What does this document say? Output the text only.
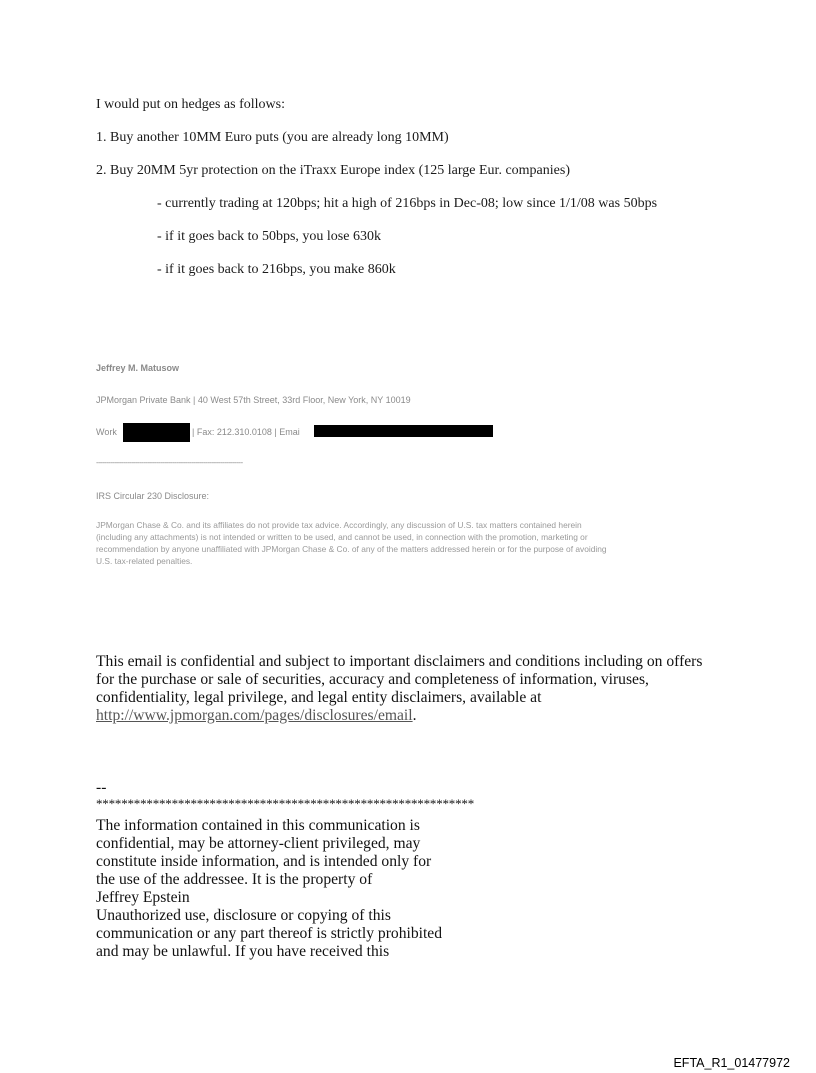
I would put on hedges as follows:
1. Buy another 10MM Euro puts (you are already long 10MM)
2. Buy 20MM 5yr protection on the iTraxx Europe index (125 large Eur. companies)
- currently trading at 120bps; hit a high of 216bps in Dec-08; low since 1/1/08 was 50bps
- if it goes back to 50bps, you lose 630k
- if it goes back to 216bps, you make 860k
Jeffrey M. Matusow
JPMorgan Private Bank | 40 West 57th Street, 33rd Floor, New York, NY 10019
Work	| Fax: 212.310.0108 | Emai
-----------------------------------------------------------------------
IRS Circular 230 Disclosure:
JPMorgan Chase & Co. and its affiliates do not provide tax advice. Accordingly, any discussion of U.S. tax matters contained herein
(including any attachments) is not intended or written to be used, and cannot be used, in connection with the promotion, marketing or
recommendation by anyone unaffiliated with JPMorgan Chase & Co. of any of the matters addressed herein or for the purpose of avoiding
U.S. tax-related penalties.
This email is confidential and subject to important disclaimers and conditions including on offers
for the purchase or sale of securities, accuracy and completeness of information, viruses,
confidentiality, legal privilege, and legal entity disclaimers, available at
http://www.jpmorgan.com/pages/disclosures/email.
--
************************************************************
The information contained in this communication is
confidential, may be attorney-client privileged, may
constitute inside information, and is intended only for
the use of the addressee. It is the property of
Jeffrey Epstein
Unauthorized use, disclosure or copying of this
communication or any part thereof is strictly prohibited
and may be unlawful. If you have received this
EFTA_R1_01477972
